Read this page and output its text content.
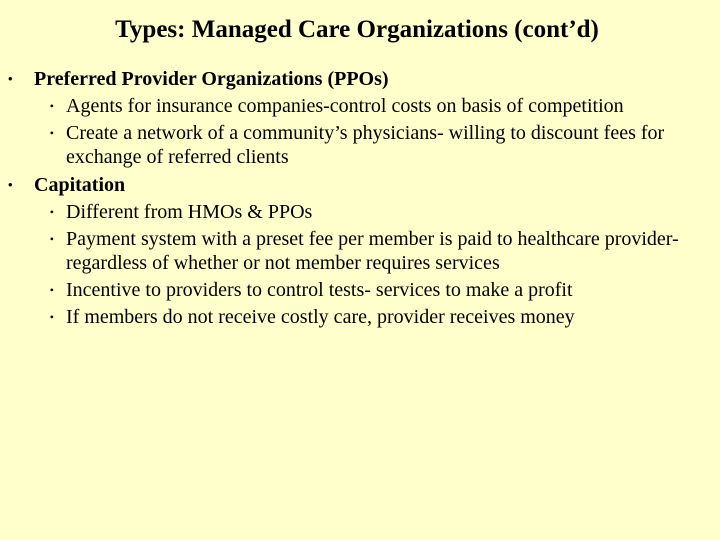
Types: Managed Care Organizations (cont’d)
•	Preferred Provider Organizations (PPOs)
• Agents for insurance companies-control costs on basis of competition
• Create a network of a community’s physicians- willing to discount fees for exchange of referred clients
•	Capitation
• Different from HMOs & PPOs
• Payment system with a preset fee per member is paid to healthcare provider-regardless of whether or not member requires services
• Incentive to providers to control tests- services to make a profit
• If members do not receive costly care, provider receives money
